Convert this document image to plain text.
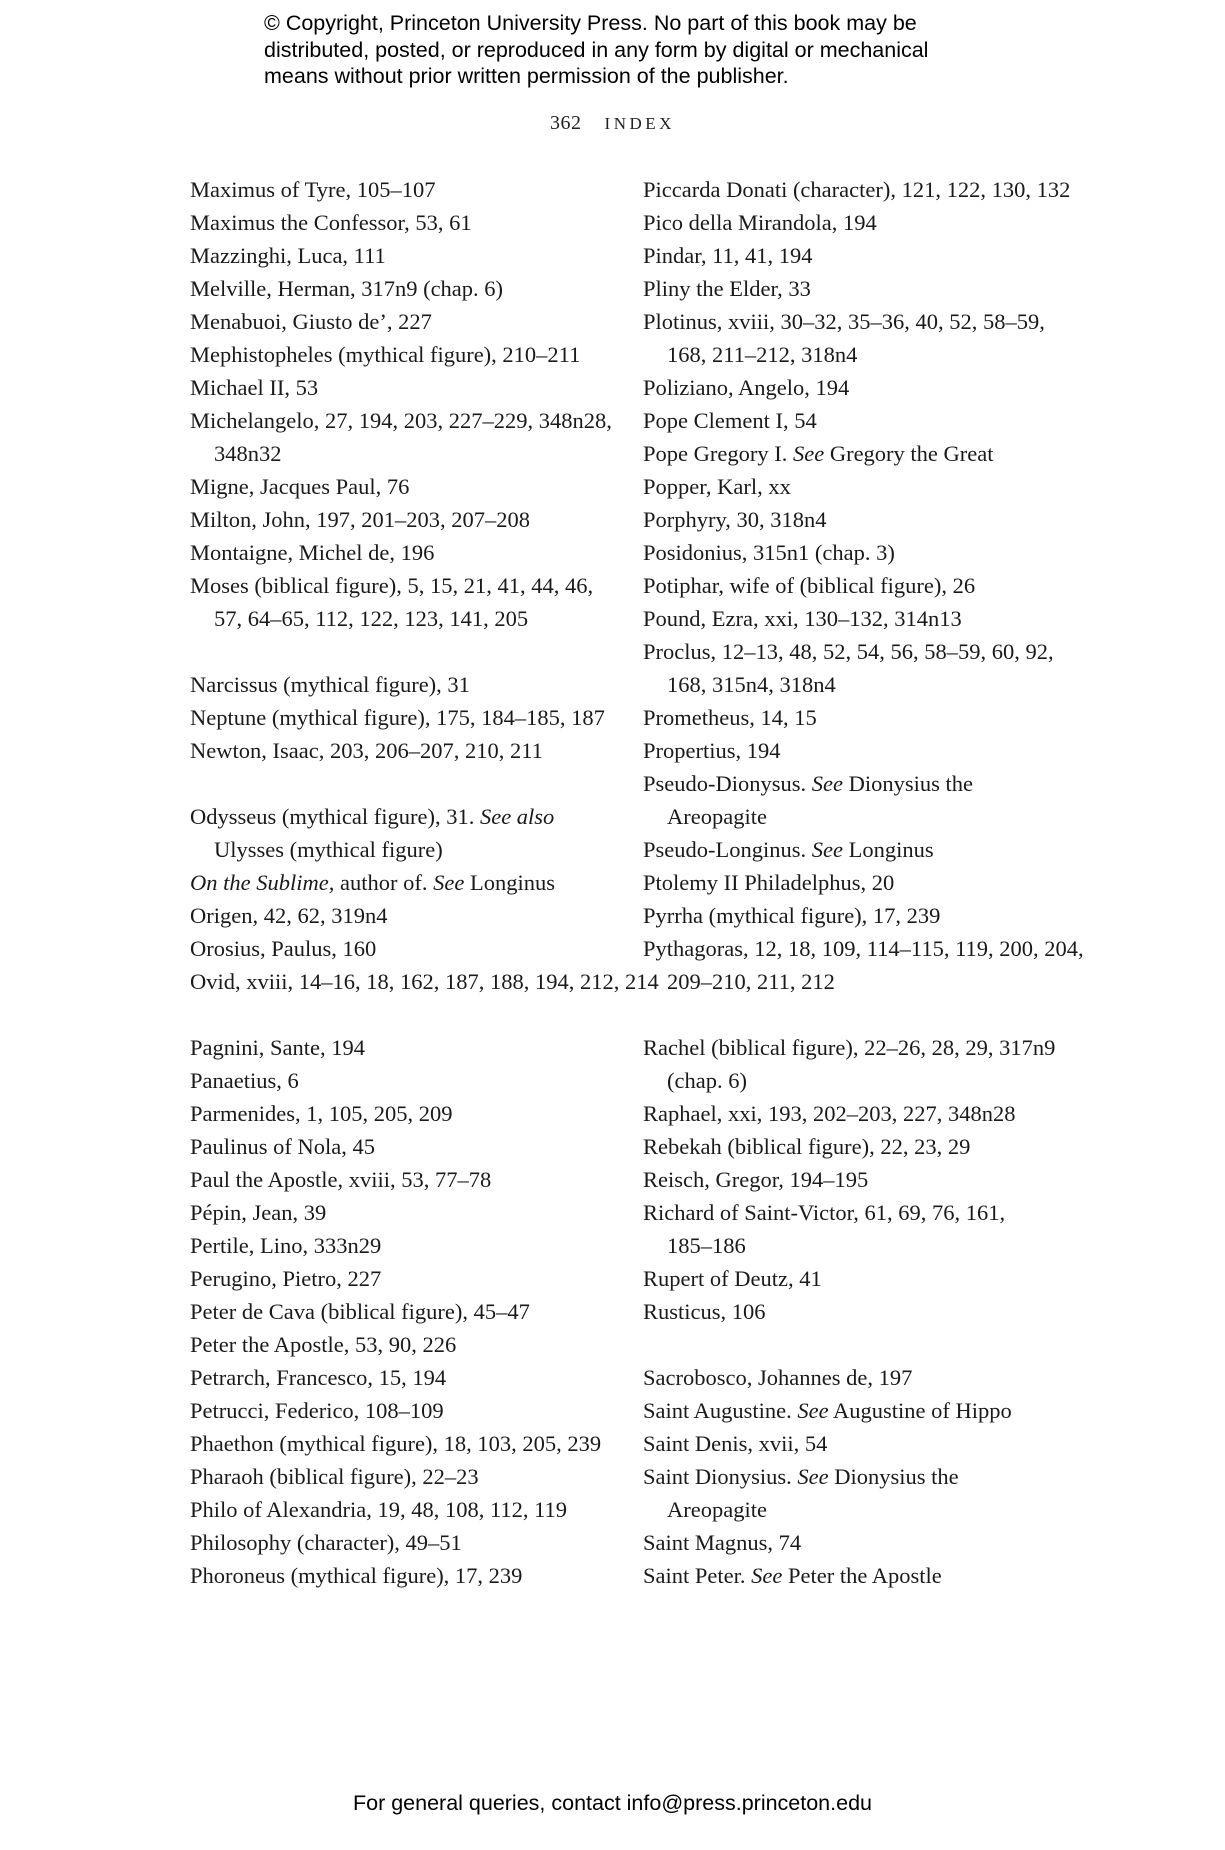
© Copyright, Princeton University Press. No part of this book may be
distributed, posted, or reproduced in any form by digital or mechanical
means without prior written permission of the publisher.
362 INDEX
Maximus of Tyre, 105–107
Maximus the Confessor, 53, 61
Mazzinghi, Luca, 111
Melville, Herman, 317n9 (chap. 6)
Menabuoi, Giusto de’, 227
Mephistopheles (mythical figure), 210–211
Michael II, 53
Michelangelo, 27, 194, 203, 227–229, 348n28,
348n32
Migne, Jacques Paul, 76
Milton, John, 197, 201–203, 207–208
Montaigne, Michel de, 196
Moses (biblical figure), 5, 15, 21, 41, 44, 46,
57, 64–65, 112, 122, 123, 141, 205
Narcissus (mythical figure), 31
Neptune (mythical figure), 175, 184–185, 187
Newton, Isaac, 203, 206–207, 210, 211
Odysseus (mythical figure), 31. See also
Ulysses (mythical figure)
On the Sublime, author of. See Longinus
Origen, 42, 62, 319n4
Orosius, Paulus, 160
Ovid, xviii, 14–16, 18, 162, 187, 188, 194, 212, 214
Pagnini, Sante, 194
Panaetius, 6
Parmenides, 1, 105, 205, 209
Paulinus of Nola, 45
Paul the Apostle, xviii, 53, 77–78
Pépin, Jean, 39
Pertile, Lino, 333n29
Perugino, Pietro, 227
Peter de Cava (biblical figure), 45–47
Peter the Apostle, 53, 90, 226
Petrarch, Francesco, 15, 194
Petrucci, Federico, 108–109
Phaethon (mythical figure), 18, 103, 205, 239
Pharaoh (biblical figure), 22–23
Philo of Alexandria, 19, 48, 108, 112, 119
Philosophy (character), 49–51
Phoroneus (mythical figure), 17, 239
Piccarda Donati (character), 121, 122, 130, 132
Pico della Mirandola, 194
Pindar, 11, 41, 194
Pliny the Elder, 33
Plotinus, xviii, 30–32, 35–36, 40, 52, 58–59,
168, 211–212, 318n4
Poliziano, Angelo, 194
Pope Clement I, 54
Pope Gregory I. See Gregory the Great
Popper, Karl, xx
Porphyry, 30, 318n4
Posidonius, 315n1 (chap. 3)
Potiphar, wife of (biblical figure), 26
Pound, Ezra, xxi, 130–132, 314n13
Proclus, 12–13, 48, 52, 54, 56, 58–59, 60, 92,
168, 315n4, 318n4
Prometheus, 14, 15
Propertius, 194
Pseudo-Dionysus. See Dionysius the
Areopagite
Pseudo-Longinus. See Longinus
Ptolemy II Philadelphus, 20
Pyrrha (mythical figure), 17, 239
Pythagoras, 12, 18, 109, 114–115, 119, 200, 204,
209–210, 211, 212
Rachel (biblical figure), 22–26, 28, 29, 317n9
(chap. 6)
Raphael, xxi, 193, 202–203, 227, 348n28
Rebekah (biblical figure), 22, 23, 29
Reisch, Gregor, 194–195
Richard of Saint-Victor, 61, 69, 76, 161,
185–186
Rupert of Deutz, 41
Rusticus, 106
Sacrobosco, Johannes de, 197
Saint Augustine. See Augustine of Hippo
Saint Denis, xvii, 54
Saint Dionysius. See Dionysius the
Areopagite
Saint Magnus, 74
Saint Peter. See Peter the Apostle
For general queries, contact info@press.princeton.edu
